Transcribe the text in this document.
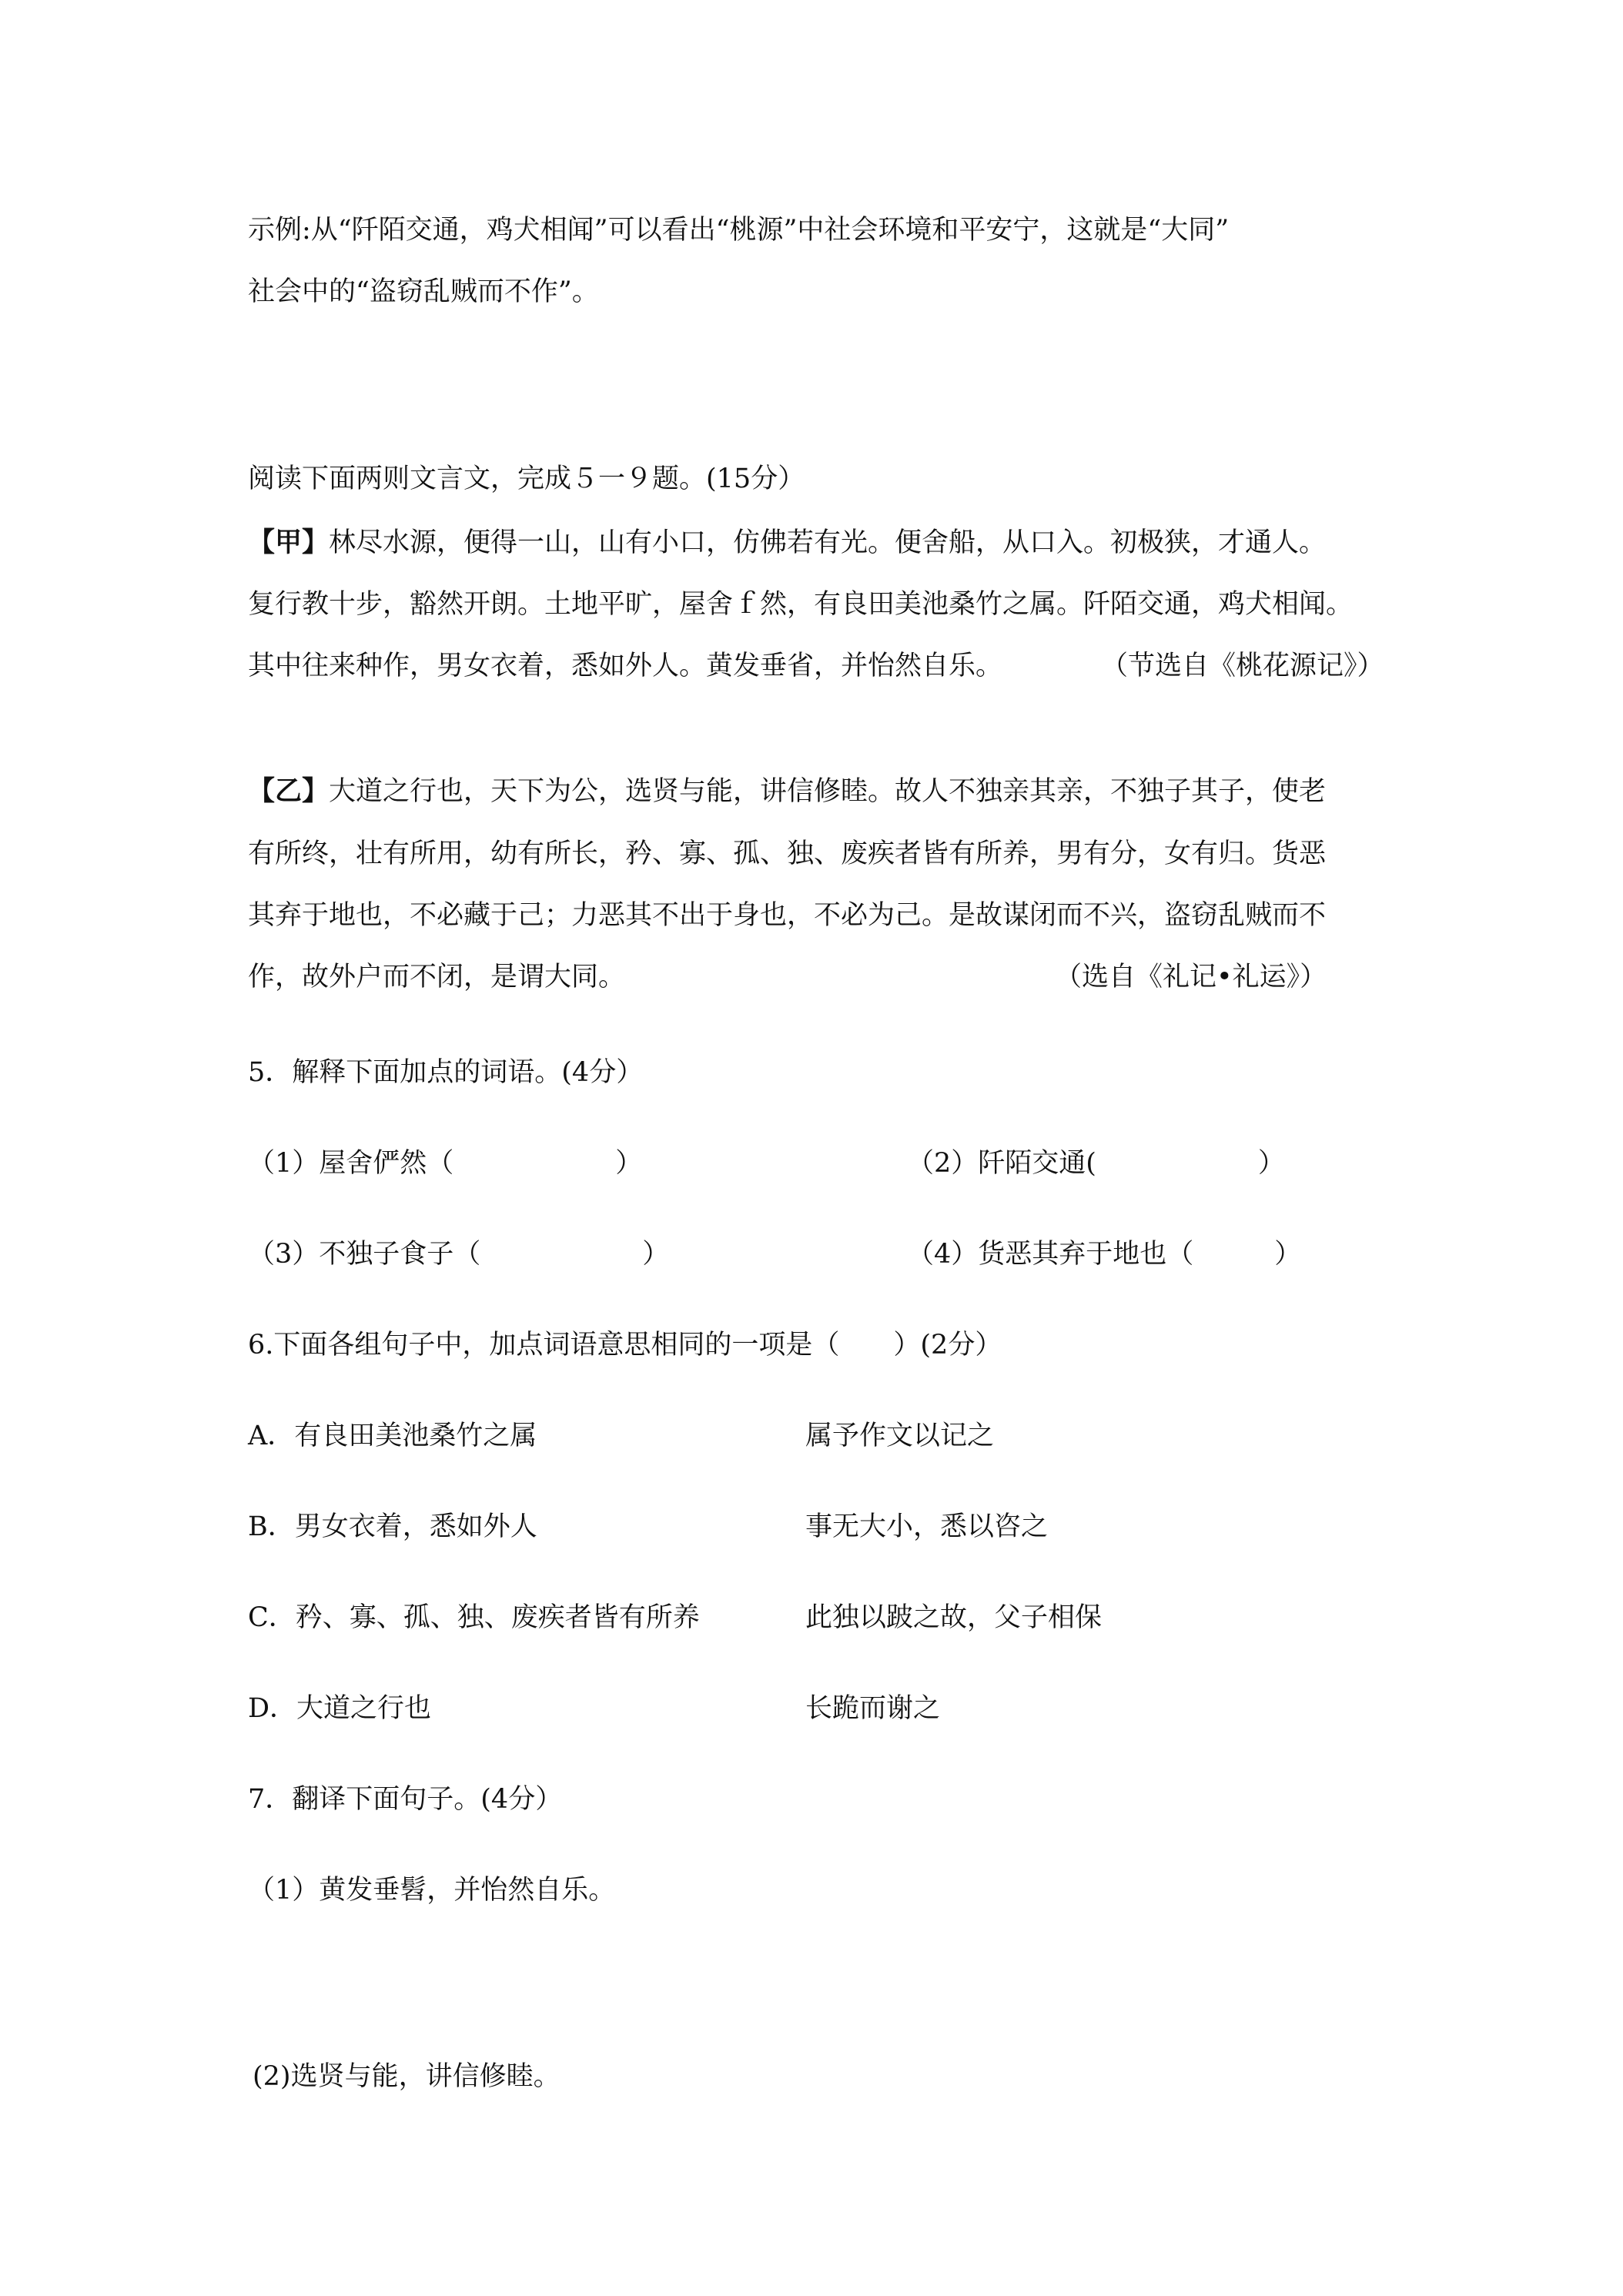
示例:从“阡陌交通，鸡犬相闻”可以看出“桃源”中社会环境和平安宁，这就是“大同”
社会中的“盗窃乱贼而不作”。
阅读下面两则文言文，完成５一９题。(15分）
【甲】林尽水源，便得一山，山有小口，仿佛若有光。便舍船，从口入。初极狭，才通人。
复行教十步，豁然开朗。土地平旷，屋舍ｆ然，有良田美池桑竹之属。阡陌交通，鸡犬相闻。
其中往来种作，男女衣着，悉如外人。黄发垂省，并怡然自乐。	（节选自《桃花源记》）
【乙】大道之行也，天下为公，选贤与能，讲信修睦。故人不独亲其亲，不独子其子，使老
有所终，壮有所用，幼有所长，矜、寡、孤、独、废疾者皆有所养，男有分，女有归。货恶
其弃于地也，不必藏于己；力恶其不出于身也，不必为己。是故谋闭而不兴，盗窃乱贼而不
作，故外户而不闭，是谓大同。	（选自《礼记•礼运》）
5．解释下面加点的词语。(4分）
（1）屋舍俨然（　　　　　　）	（2）阡陌交通(　　　　　　）
（3）不独子食子（　　　　　　）	（4）货恶其弃于地也（　　　）
6.下面各组句子中，加点词语意思相同的一项是（　　）(2分）
A．有良田美池桑竹之属	属予作文以记之
B．男女衣着，悉如外人	事无大小，悉以咨之
C．矜、寡、孤、独、废疾者皆有所养	此独以跛之故，父子相保
D．大道之行也	长跪而谢之
7．翻译下面句子。(4分）
（1）黄发垂髫，并怡然自乐。
(2)选贤与能，讲信修睦。
